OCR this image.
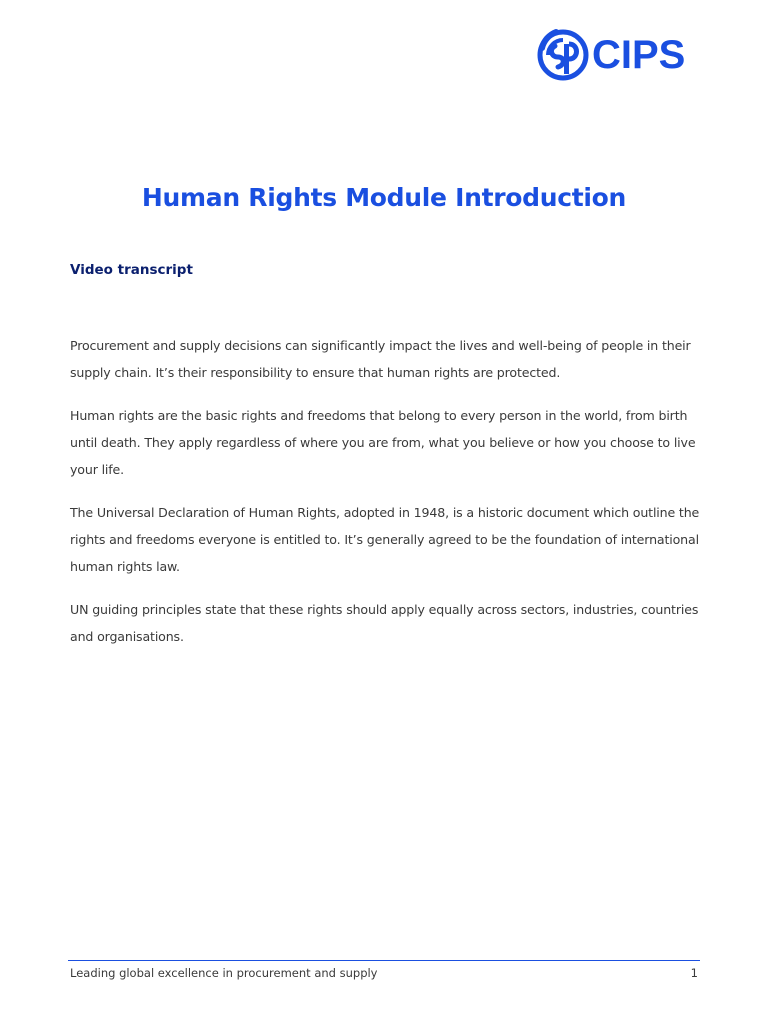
CIPS
Human Rights Module Introduction
Video transcript

Procurement and supply decisions can significantly impact the lives and well-being of people in their supply chain. It’s their responsibility to ensure that human rights are protected.

Human rights are the basic rights and freedoms that belong to every person in the world, from birth until death. They apply regardless of where you are from, what you believe or how you choose to live your life.

The Universal Declaration of Human Rights, adopted in 1948, is a historic document which outline the rights and freedoms everyone is entitled to. It’s generally agreed to be the foundation of international human rights law.

UN guiding principles state that these rights should apply equally across sectors, industries, countries and organisations.

Leading global excellence in procurement and supply	1
